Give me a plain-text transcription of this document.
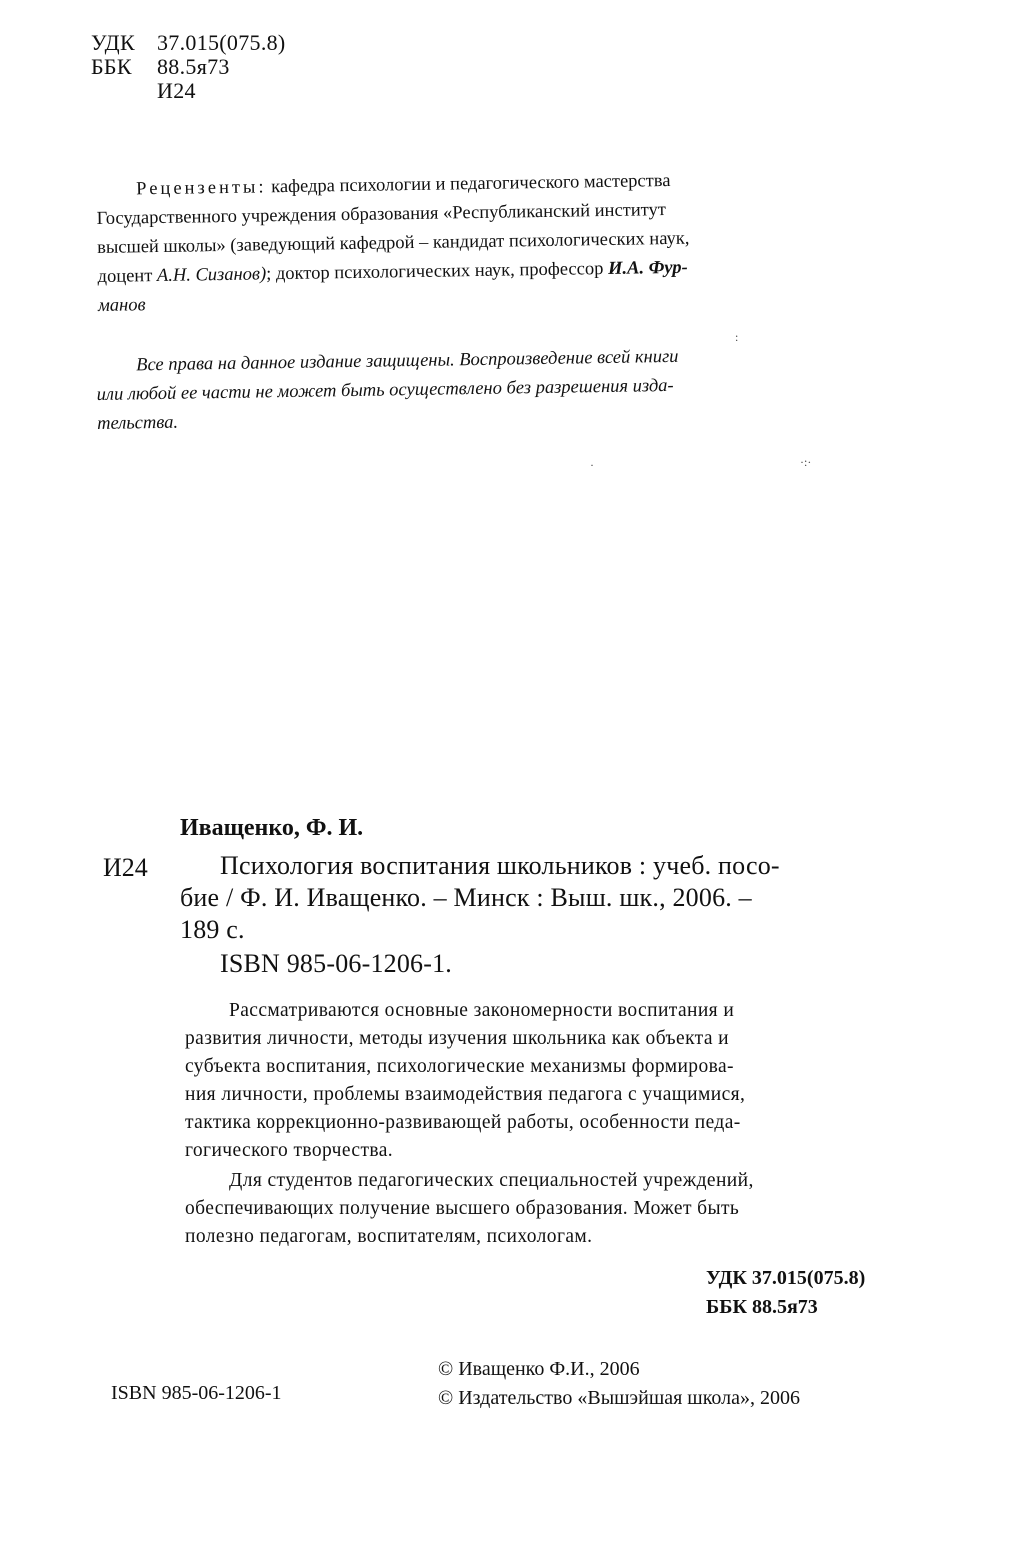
УДК 37.015(075.8)
ББК 88.5я73
И24
Рецензенты: кафедра психологии и педагогического мастерства
Государственного учреждения образования «Республиканский институт
высшей школы» (заведующий кафедрой – кандидат психологических наук,
доцент А.Н. Сизанов); доктор психологических наук, профессор И.А. Фур-
манов
Все права на данное издание защищены. Воспроизведение всей книги
или любой ее части не может быть осуществлено без разрешения изда-
тельства.
·	·:·
:
Иващенко, Ф. И.
И24	Психология воспитания школьников : учеб. посо-
бие / Ф. И. Иващенко. – Минск : Выш. шк., 2006. –
189 с.
ISBN 985-06-1206-1.
Рассматриваются основные закономерности воспитания и
развития личности, методы изучения школьника как объекта и
субъекта воспитания, психологические механизмы формирова-
ния личности, проблемы взаимодействия педагога с учащимися,
тактика коррекционно-развивающей работы, особенности педа-
гогического творчества.
Для студентов педагогических специальностей учреждений,
обеспечивающих получение высшего образования. Может быть
полезно педагогам, воспитателям, психологам.
УДК 37.015(075.8)
ББК 88.5я73
ISBN 985-06-1206-1
© Иващенко Ф.И., 2006
© Издательство «Вышэйшая школа», 2006
